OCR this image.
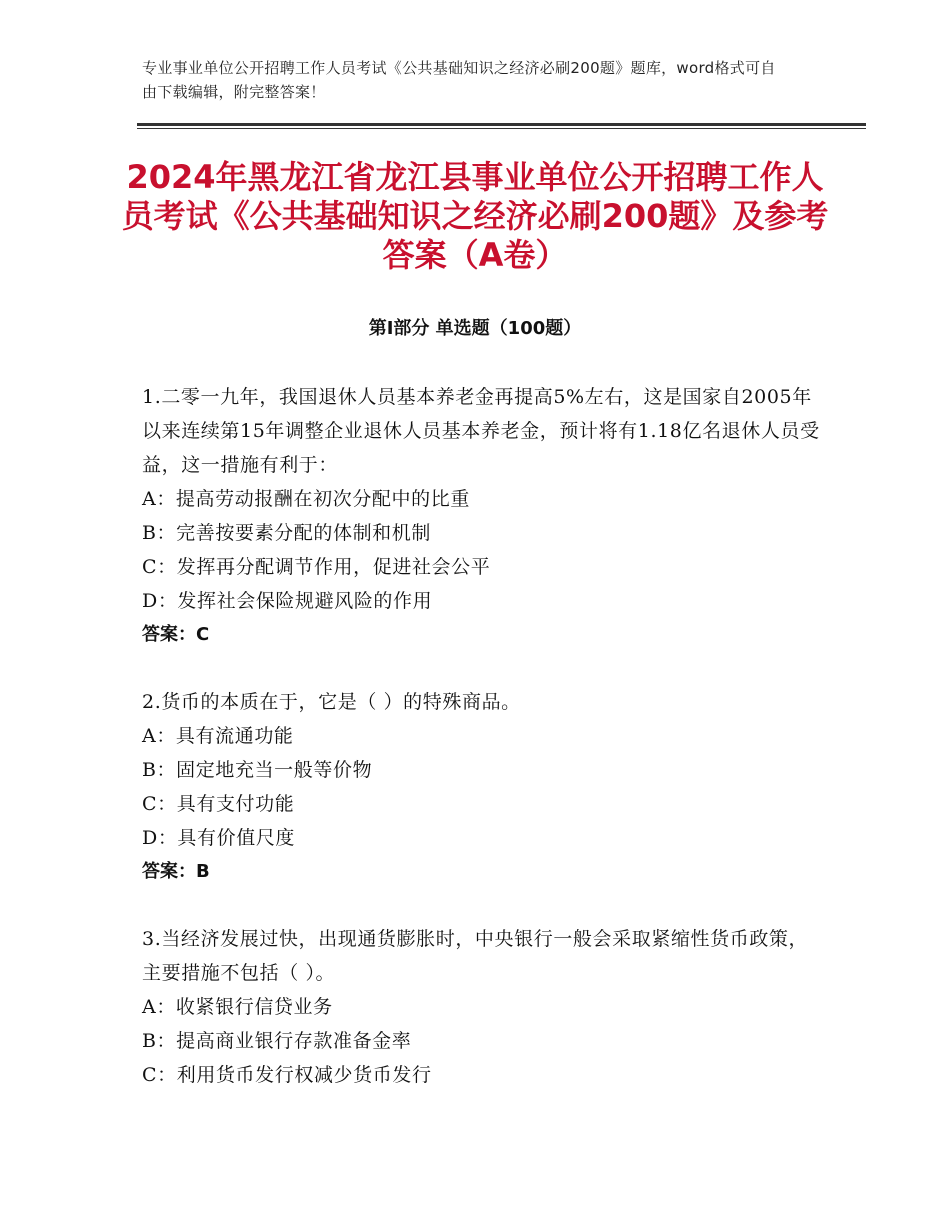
专业事业单位公开招聘工作人员考试《公共基础知识之经济必刷200题》题库，word格式可自由下载编辑，附完整答案！
2024年黑龙江省龙江县事业单位公开招聘工作人员考试《公共基础知识之经济必刷200题》及参考答案（A卷）
第Ⅰ部分 单选题（100题）

1.二零一九年，我国退休人员基本养老金再提高5%左右，这是国家自2005年以来连续第15年调整企业退休人员基本养老金，预计将有1.18亿名退休人员受益，这一措施有利于：

A：提高劳动报酬在初次分配中的比重

B：完善按要素分配的体制和机制

C：发挥再分配调节作用，促进社会公平

D：发挥社会保险规避风险的作用

答案：C

2.货币的本质在于，它是（ ）的特殊商品。

A：具有流通功能

B：固定地充当一般等价物

C：具有支付功能

D：具有价值尺度

答案：B

3.当经济发展过快，出现通货膨胀时，中央银行一般会采取紧缩性货币政策，主要措施不包括（ ）。

A：收紧银行信贷业务

B：提高商业银行存款准备金率

C：利用货币发行权减少货币发行
